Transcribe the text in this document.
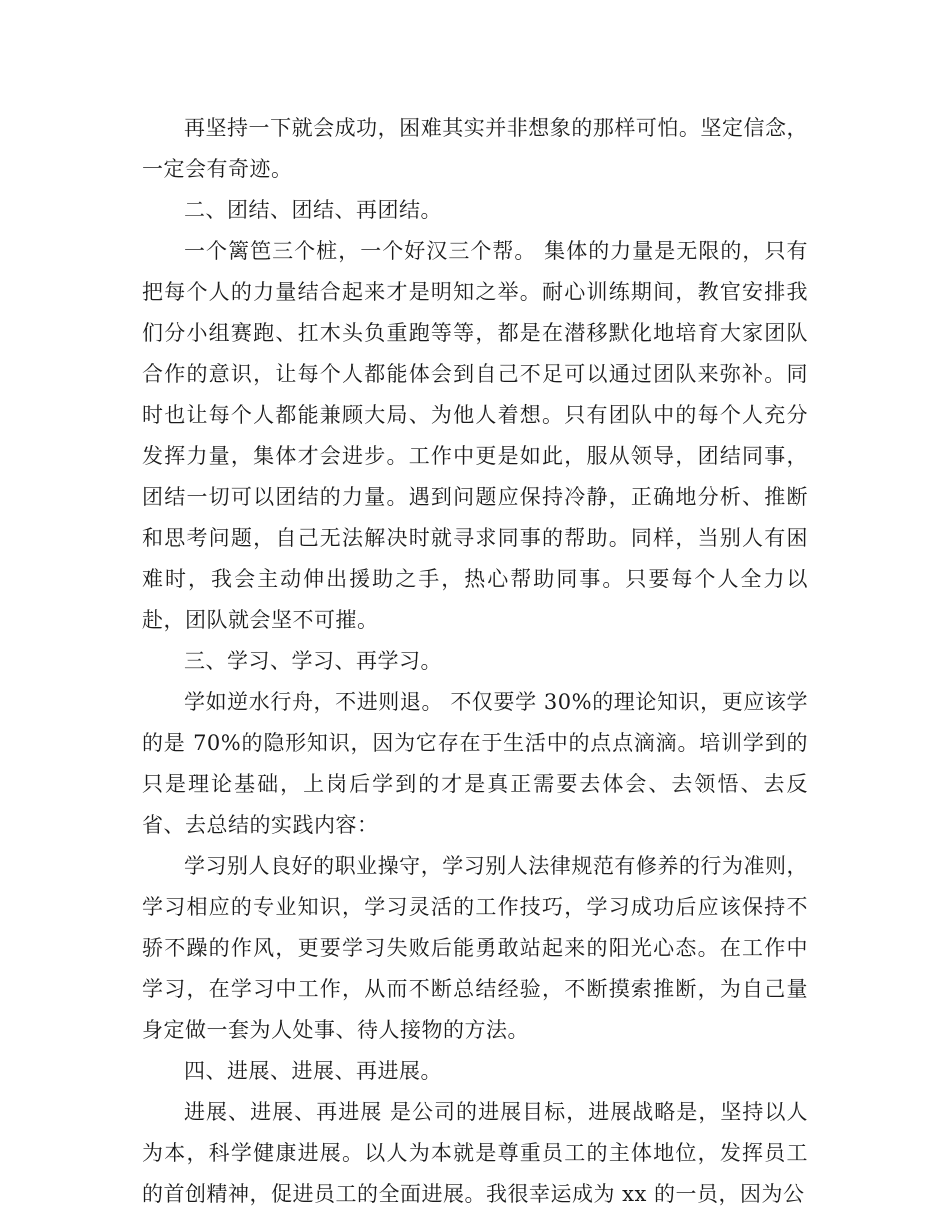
再坚持一下就会成功，困难其实并非想象的那样可怕。坚定信念，一定会有奇迹。

二、团结、团结、再团结。

一个篱笆三个桩，一个好汉三个帮。 集体的力量是无限的，只有把每个人的力量结合起来才是明知之举。耐心训练期间，教官安排我们分小组赛跑、扛木头负重跑等等，都是在潜移默化地培育大家团队合作的意识，让每个人都能体会到自己不足可以通过团队来弥补。同时也让每个人都能兼顾大局、为他人着想。只有团队中的每个人充分发挥力量，集体才会进步。工作中更是如此，服从领导，团结同事，团结一切可以团结的力量。遇到问题应保持冷静，正确地分析、推断和思考问题，自己无法解决时就寻求同事的帮助。同样，当别人有困难时，我会主动伸出援助之手，热心帮助同事。只要每个人全力以赴，团队就会坚不可摧。

三、学习、学习、再学习。

学如逆水行舟，不进则退。 不仅要学 30%的理论知识，更应该学的是 70%的隐形知识，因为它存在于生活中的点点滴滴。培训学到的只是理论基础，上岗后学到的才是真正需要去体会、去领悟、去反省、去总结的实践内容：

学习别人良好的职业操守，学习别人法律规范有修养的行为准则，学习相应的专业知识，学习灵活的工作技巧，学习成功后应该保持不骄不躁的作风，更要学习失败后能勇敢站起来的阳光心态。在工作中学习，在学习中工作，从而不断总结经验，不断摸索推断，为自己量身定做一套为人处事、待人接物的方法。

四、进展、进展、再进展。

进展、进展、再进展 是公司的进展目标，进展战略是，坚持以人为本，科学健康进展。以人为本就是尊重员工的主体地位，发挥员工的首创精神，促进员工的全面进展。我很幸运成为 xx 的一员，因为公
